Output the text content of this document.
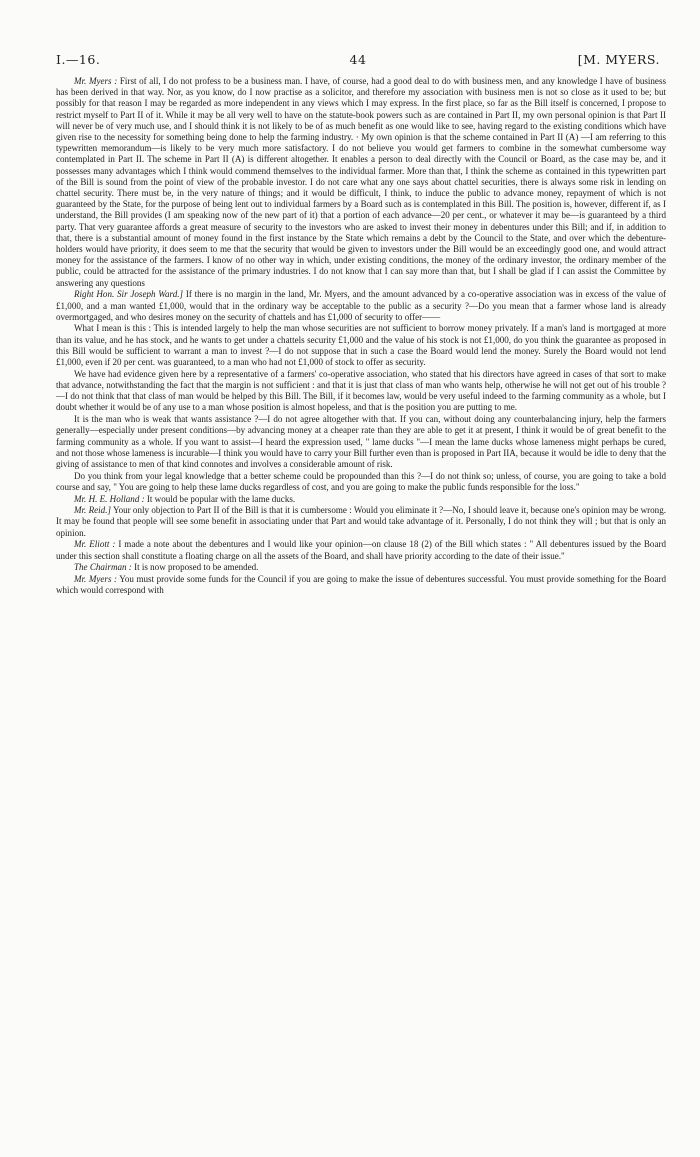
I.—16.	44	[M. MYERS.

Mr. Myers : First of all, I do not profess to be a business man. I have, of course, had a good deal to do with business men, and any knowledge I have of business has been derived in that way. Nor, as you know, do I now practise as a solicitor, and therefore my association with business men is not so close as it used to be; but possibly for that reason I may be regarded as more independent in any views which I may express. In the first place, so far as the Bill itself is concerned, I propose to restrict myself to Part II of it. While it may be all very well to have on the statute-book powers such as are contained in Part II, my own personal opinion is that Part II will never be of very much use, and I should think it is not likely to be of as much benefit as one would like to see, having regard to the existing conditions which have given rise to the necessity for something being done to help the farming industry. · My own opinion is that the scheme contained in Part II (A) —I am referring to this typewritten memorandum—is likely to be very much more satisfactory. I do not believe you would get farmers to combine in the somewhat cumbersome way contemplated in Part II. The scheme in Part II (A) is different altogether. It enables a person to deal directly with the Council or Board, as the case may be, and it possesses many advantages which I think would commend themselves to the individual farmer. More than that, I think the scheme as contained in this typewritten part of the Bill is sound from the point of view of the probable investor. I do not care what any one says about chattel securities, there is always some risk in lending on chattel security. There must be, in the very nature of things; and it would be difficult, I think, to induce the public to advance money, repayment of which is not guaranteed by the State, for the purpose of being lent out to individual farmers by a Board such as is contemplated in this Bill. The position is, however, different if, as I understand, the Bill provides (I am speaking now of the new part of it) that a portion of each advance—20 per cent., or whatever it may be—is guaranteed by a third party. That very guarantee affords a great measure of security to the investors who are asked to invest their money in debentures under this Bill; and if, in addition to that, there is a substantial amount of money found in the first instance by the State which remains a debt by the Council to the State, and over which the debenture-holders would have priority, it does seem to me that the security that would be given to investors under the Bill would be an exceedingly good one, and would attract money for the assistance of the farmers. I know of no other way in which, under existing conditions, the money of the ordinary investor, the ordinary member of the public, could be attracted for the assistance of the primary industries. I do not know that I can say more than that, but I shall be glad if I can assist the Committee by answering any questions

Right Hon. Sir Joseph Ward.] If there is no margin in the land, Mr. Myers, and the amount advanced by a co-operative association was in excess of the value of £1,000, and a man wanted £1,000, would that in the ordinary way be acceptable to the public as a security ?—Do you mean that a farmer whose land is already overmortgaged, and who desires money on the security of chattels and has £1,000 of security to offer——

What I mean is this : This is intended largely to help the man whose securities are not sufficient to borrow money privately. If a man's land is mortgaged at more than its value, and he has stock, and he wants to get under a chattels security £1,000 and the value of his stock is not £1,000, do you think the guarantee as proposed in this Bill would be sufficient to warrant a man to invest ?—I do not suppose that in such a case the Board would lend the money. Surely the Board would not lend £1,000, even if 20 per cent. was guaranteed, to a man who had not £1,000 of stock to offer as security.

We have had evidence given here by a representative of a farmers' co-operative association, who stated that his directors have agreed in cases of that sort to make that advance, notwithstanding the fact that the margin is not sufficient : and that it is just that class of man who wants help, otherwise he will not get out of his trouble ?—I do not think that that class of man would be helped by this Bill. The Bill, if it becomes law, would be very useful indeed to the farming community as a whole, but I doubt whether it would be of any use to a man whose position is almost hopeless, and that is the position you are putting to me.

It is the man who is weak that wants assistance ?—I do not agree altogether with that. If you can, without doing any counterbalancing injury, help the farmers generally—especially under present conditions—by advancing money at a cheaper rate than they are able to get it at present, I think it would be of great benefit to the farming community as a whole. If you want to assist—I heard the expression used, " lame ducks "—I mean the lame ducks whose lameness might perhaps be cured, and not those whose lameness is incurable—I think you would have to carry your Bill further even than is proposed in Part IIA, because it would be idle to deny that the giving of assistance to men of that kind connotes and involves a considerable amount of risk.

Do you think from your legal knowledge that a better scheme could be propounded than this ?—I do not think so; unless, of course, you are going to take a bold course and say, " You are going to help these lame ducks regardless of cost, and you are going to make the public funds responsible for the loss."

Mr. H. E. Holland : It would be popular with the lame ducks.

Mr. Reid.] Your only objection to Part II of the Bill is that it is cumbersome : Would you eliminate it ?—No, I should leave it, because one's opinion may be wrong. It may be found that people will see some benefit in associating under that Part and would take advantage of it. Personally, I do not think they will ; but that is only an opinion.

Mr. Eliott : I made a note about the debentures and I would like your opinion—on clause 18 (2) of the Bill which states : " All debentures issued by the Board under this section shall constitute a floating charge on all the assets of the Board, and shall have priority according to the date of their issue."

The Chairman : It is now proposed to be amended.

Mr. Myers : You must provide some funds for the Council if you are going to make the issue of debentures successful. You must provide something for the Board which would correspond with
